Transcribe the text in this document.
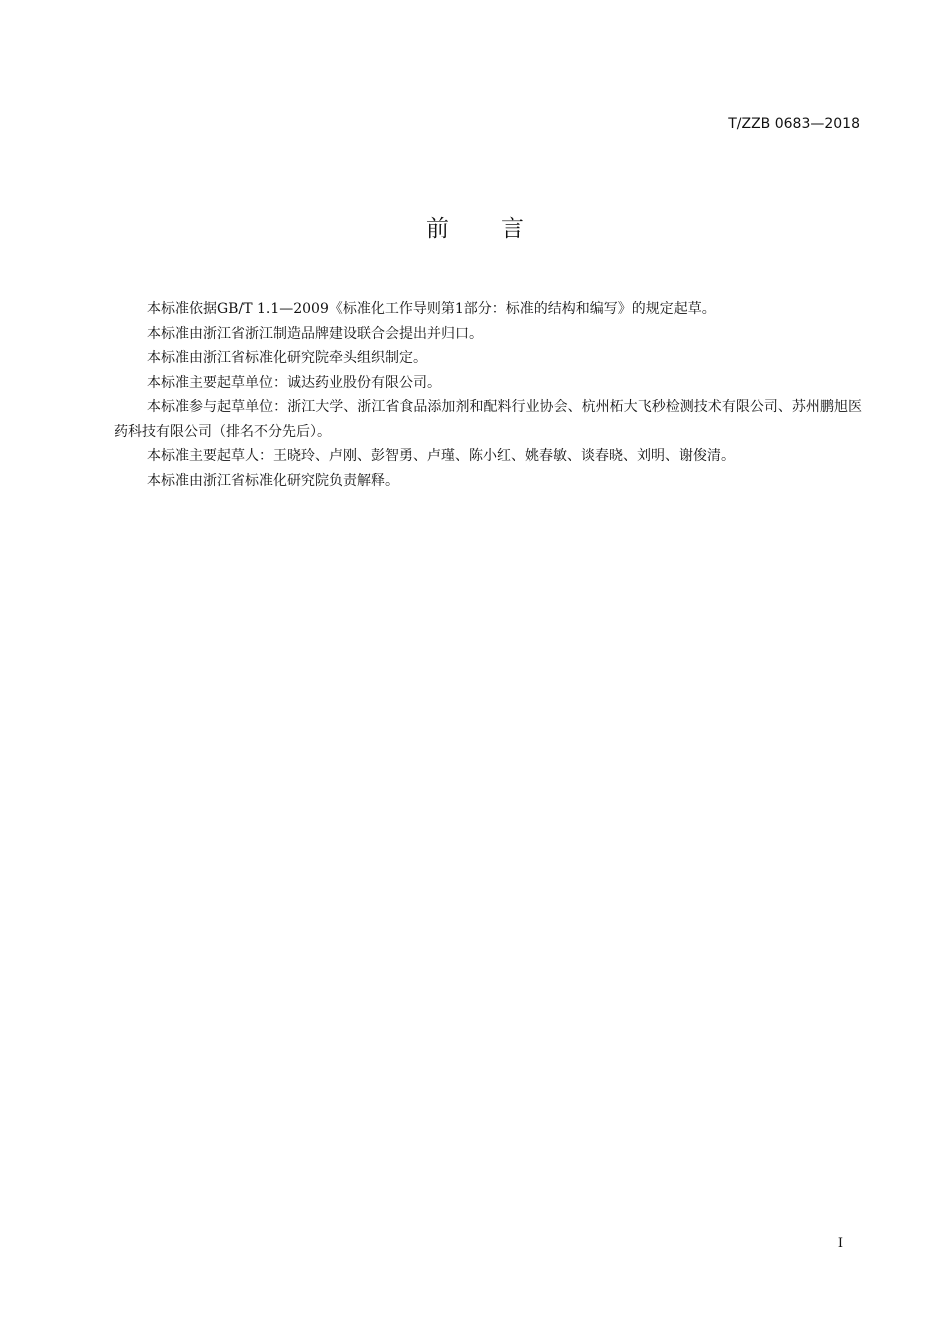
T/ZZB 0683—2018
前言

本标准依据GB/T 1.1—2009《标准化工作导则第1部分：标准的结构和编写》的规定起草。

本标准由浙江省浙江制造品牌建设联合会提出并归口。

本标准由浙江省标准化研究院牵头组织制定。

本标准主要起草单位：诚达药业股份有限公司。

本标准参与起草单位：浙江大学、浙江省食品添加剂和配料行业协会、杭州柘大飞秒检测技术有限公司、苏州鹏旭医药科技有限公司（排名不分先后）。

本标准主要起草人：王晓玲、卢刚、彭智勇、卢瑾、陈小红、姚春敏、谈春晓、刘明、谢俊清。

本标准由浙江省标准化研究院负责解释。

I
